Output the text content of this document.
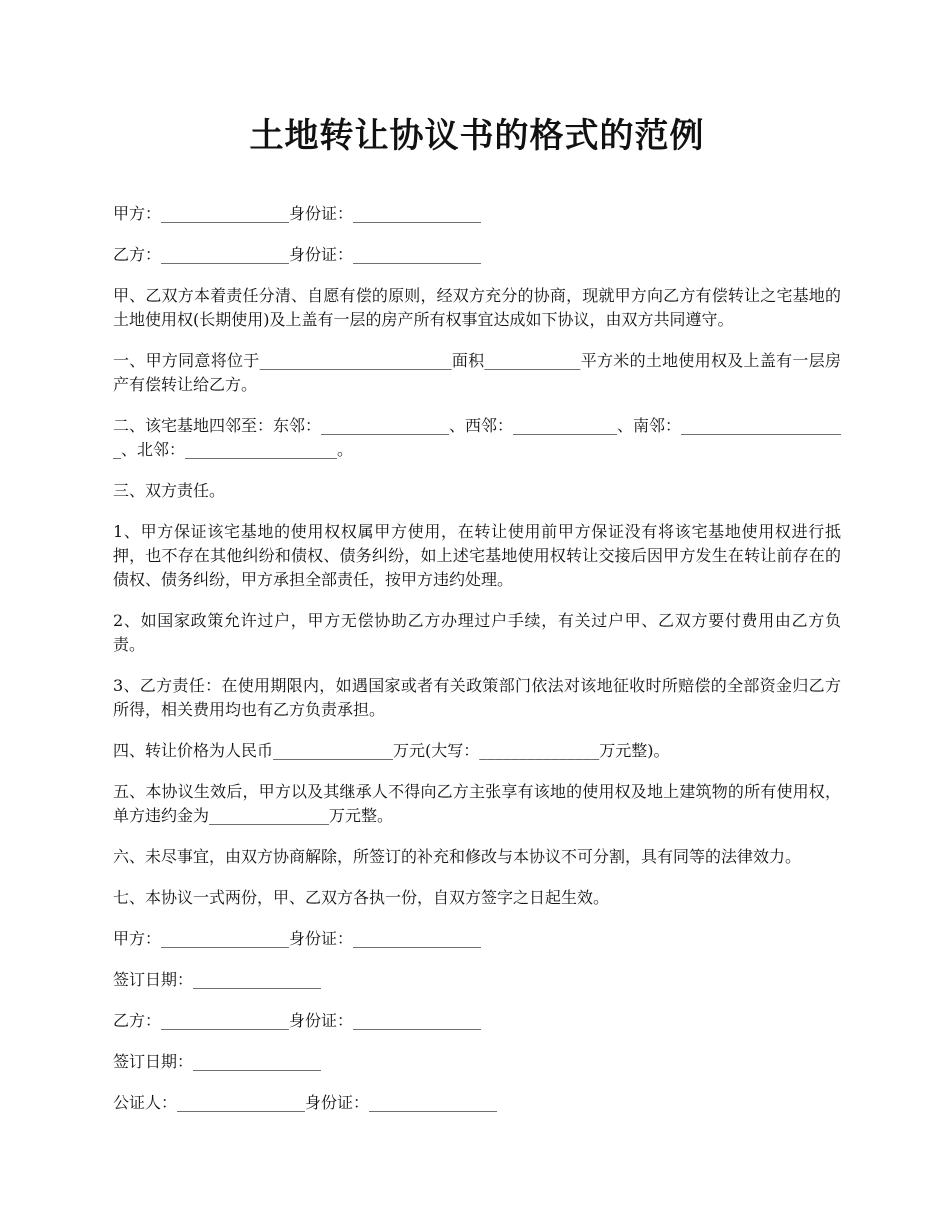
土地转让协议书的格式的范例

甲方：________________身份证：________________

乙方：________________身份证：________________

甲、乙双方本着责任分清、自愿有偿的原则，经双方充分的协商，现就甲方向乙方有偿转让之宅基地的土地使用权(长期使用)及上盖有一层的房产所有权事宜达成如下协议，由双方共同遵守。

一、甲方同意将位于________________________面积____________平方米的土地使用权及上盖有一层房产有偿转让给乙方。

二、该宅基地四邻至：东邻：________________、西邻：_____________、南邻：_____________________、北邻：___________________。

三、双方责任。

1、甲方保证该宅基地的使用权权属甲方使用，在转让使用前甲方保证没有将该宅基地使用权进行抵押，也不存在其他纠纷和债权、债务纠纷，如上述宅基地使用权转让交接后因甲方发生在转让前存在的债权、债务纠纷，甲方承担全部责任，按甲方违约处理。

2、如国家政策允许过户，甲方无偿协助乙方办理过户手续，有关过户甲、乙双方要付费用由乙方负责。

3、乙方责任：在使用期限内，如遇国家或者有关政策部门依法对该地征收时所赔偿的全部资金归乙方所得，相关费用均也有乙方负责承担。

四、转让价格为人民币_______________万元(大写：_______________万元整)。

五、本协议生效后，甲方以及其继承人不得向乙方主张享有该地的使用权及地上建筑物的所有使用权，单方违约金为_______________万元整。

六、未尽事宜，由双方协商解除，所签订的补充和修改与本协议不可分割，具有同等的法律效力。

七、本协议一式两份，甲、乙双方各执一份，自双方签字之日起生效。

甲方：________________身份证：________________

签订日期：________________

乙方：________________身份证：________________

签订日期：________________

公证人：________________身份证：________________
